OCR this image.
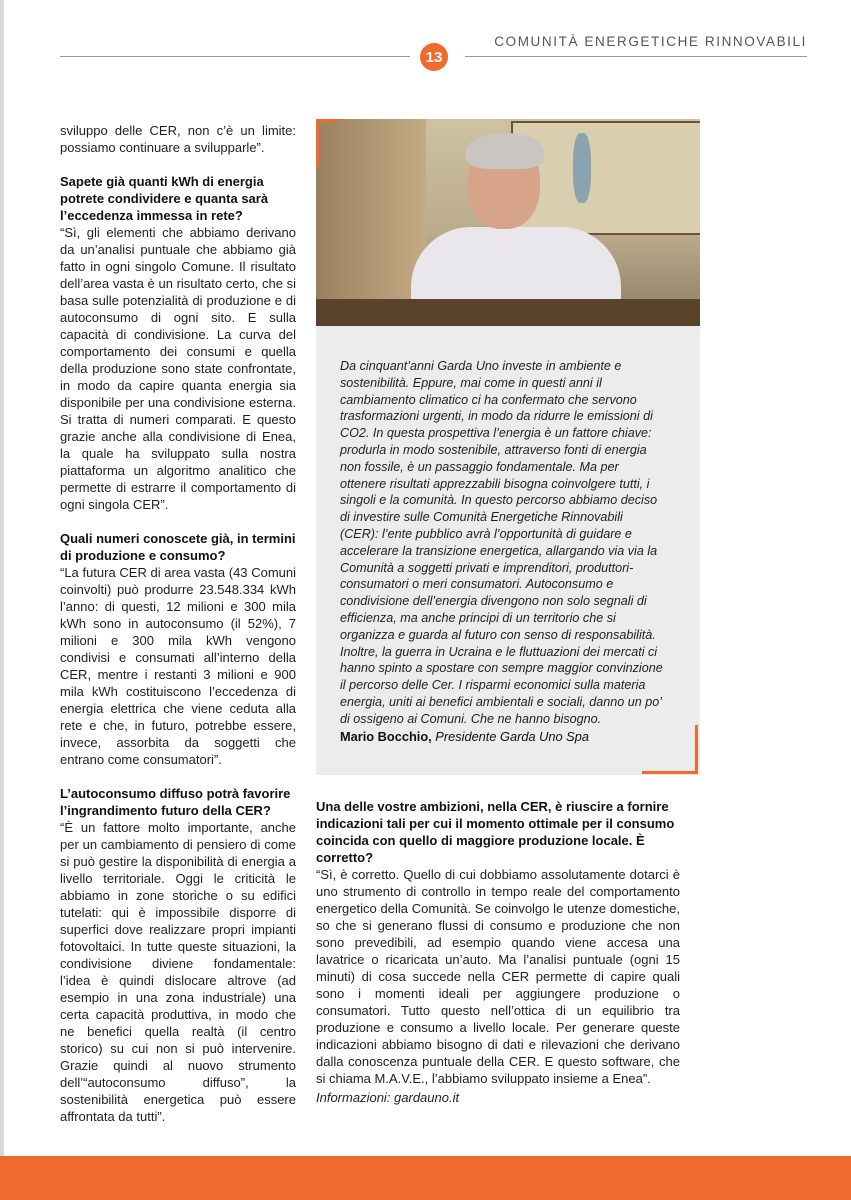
13
COMUNITÀ ENERGETICHE RINNOVABILI

sviluppo delle CER, non c’è un limite: possiamo continuare a svilupparle”.

Sapete già quanti kWh di energia potrete condividere e quanta sarà l’eccedenza immessa in rete?

“Sì, gli elementi che abbiamo derivano da un’analisi puntuale che abbiamo già fatto in ogni singolo Comune. Il risultato dell’area vasta è un risultato certo, che si basa sulle potenzialità di produzione e di autoconsumo di ogni sito. E sulla capacità di condivisione. La curva del comportamento dei consumi e quella della produzione sono state confrontate, in modo da capire quanta energia sia disponibile per una condivisione esterna. Si tratta di numeri comparati. E questo grazie anche alla condivisione di Enea, la quale ha sviluppato sulla nostra piattaforma un algoritmo analitico che permette di estrarre il comportamento di ogni singola CER”.

Quali numeri conoscete già, in termini di produzione e consumo?

“La futura CER di area vasta (43 Comuni coinvolti) può produrre 23.548.334 kWh l’anno: di questi, 12 milioni e 300 mila kWh sono in autoconsumo (il 52%), 7 milioni e 300 mila kWh vengono condivisi e consumati all’interno della CER, mentre i restanti 3 milioni e 900 mila kWh costituiscono l’eccedenza di energia elettrica che viene ceduta alla rete e che, in futuro, potrebbe essere, invece, assorbita da soggetti che entrano come consumatori”.

L’autoconsumo diffuso potrà favorire l’ingrandimento futuro della CER?

“È un fattore molto importante, anche per un cambiamento di pensiero di come si può gestire la disponibilità di energia a livello territoriale. Oggi le criticità le abbiamo in zone storiche o su edifici tutelati: qui è impossibile disporre di superfici dove realizzare propri impianti fotovoltaici. In tutte queste situazioni, la condivisione diviene fondamentale: l’idea è quindi dislocare altrove (ad esempio in una zona industriale) una certa capacità produttiva, in modo che ne benefici quella realtà (il centro storico) su cui non si può intervenire. Grazie quindi al nuovo strumento dell’“autoconsumo diffuso”, la sostenibilità energetica può essere affrontata da tutti”.

Da cinquant’anni Garda Uno investe in ambiente e sostenibilità. Eppure, mai come in questi anni il cambiamento climatico ci ha confermato che servono trasformazioni urgenti, in modo da ridurre le emissioni di CO2. In questa prospettiva l’energia è un fattore chiave: produrla in modo sostenibile, attraverso fonti di energia non fossile, è un passaggio fondamentale. Ma per ottenere risultati apprezzabili bisogna coinvolgere tutti, i singoli e la comunità. In questo percorso abbiamo deciso di investire sulle Comunità Energetiche Rinnovabili (CER): l’ente pubblico avrà l’opportunità di guidare e accelerare la transizione energetica, allargando via via la Comunità a soggetti privati e imprenditori, produttori-consumatori o meri consumatori. Autoconsumo e condivisione dell’energia divengono non solo segnali di efficienza, ma anche principi di un territorio che si organizza e guarda al futuro con senso di responsabilità. Inoltre, la guerra in Ucraina e le fluttuazioni dei mercati ci hanno spinto a spostare con sempre maggior convinzione il percorso delle Cer. I risparmi economici sulla materia energia, uniti ai benefici ambientali e sociali, danno un po’ di ossigeno ai Comuni. Che ne hanno bisogno.
Mario Bocchio, Presidente Garda Uno Spa

Una delle vostre ambizioni, nella CER, è riuscire a fornire indicazioni tali per cui il momento ottimale per il consumo coincida con quello di maggiore produzione locale. È corretto?

“Sì, è corretto. Quello di cui dobbiamo assolutamente dotarci è uno strumento di controllo in tempo reale del comportamento energetico della Comunità. Se coinvolgo le utenze domestiche, so che si generano flussi di consumo e produzione che non sono prevedibili, ad esempio quando viene accesa una lavatrice o ricaricata un’auto. Ma l’analisi puntuale (ogni 15 minuti) di cosa succede nella CER permette di capire quali sono i momenti ideali per aggiungere produzione o consumatori. Tutto questo nell’ottica di un equilibrio tra produzione e consumo a livello locale. Per generare queste indicazioni abbiamo bisogno di dati e rilevazioni che derivano dalla conoscenza puntuale della CER. E questo software, che si chiama M.A.V.E., l’abbiamo sviluppato insieme a Enea”.

Informazioni: gardauno.it
